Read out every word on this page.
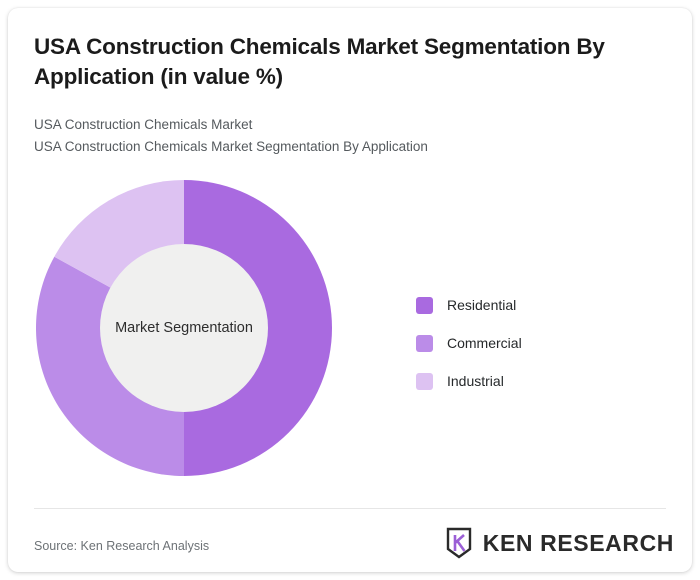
USA Construction Chemicals Market Segmentation By Application (in value %)
USA Construction Chemicals Market
USA Construction Chemicals Market Segmentation By Application
Market Segmentation
Residential
Commercial
Industrial
Source: Ken Research Analysis	KEN RESEARCH
